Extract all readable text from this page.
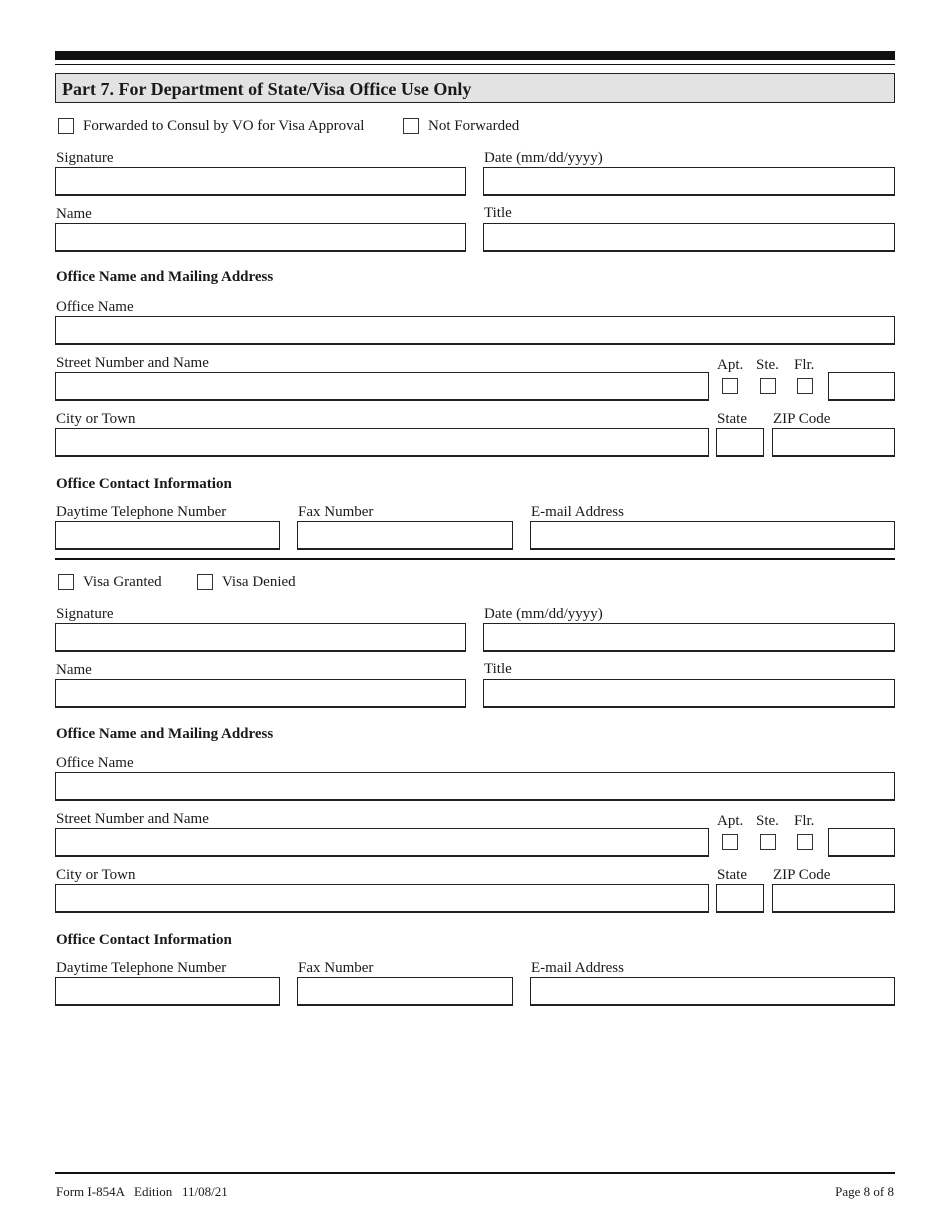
Part 7. For Department of State/Visa Office Use Only
Forwarded to Consul by VO for Visa Approval	Not Forwarded
Signature	Date (mm/dd/yyyy)
Name	Title
Office Name and Mailing Address
Office Name
Street Number and Name	Apt. Ste. Flr.
City or Town	State ZIP Code
Office Contact Information
Daytime Telephone Number	Fax Number	E-mail Address
Visa Granted	Visa Denied
Signature	Date (mm/dd/yyyy)
Name	Title
Office Name and Mailing Address
Office Name
Street Number and Name	Apt. Ste. Flr.
City or Town	State ZIP Code
Office Contact Information
Daytime Telephone Number	Fax Number	E-mail Address
Form I-854A   Edition   11/08/21	Page 8 of 8
